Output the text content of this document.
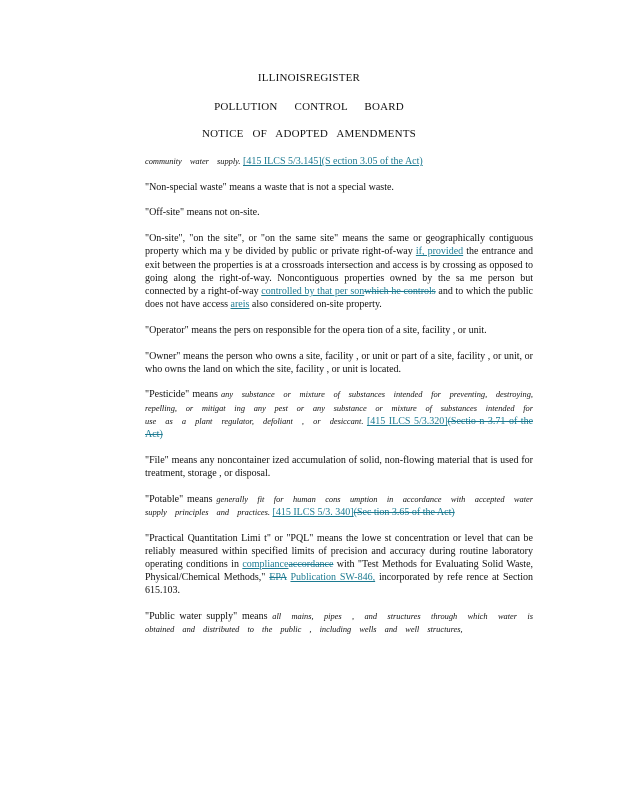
ILLINOISREGISTER
POLLUTION CONTROL BOARD
NOTICE OF ADOPTED AMENDMENTS

community water supply. [415 ILCS 5/3.145](S ection 3.05 of the Act)

"Non-special waste" means a waste that is not a special waste.

"Off-site" means not on-site.

"On-site", "on the site", or "on the same site" means the same or geographically contiguous property which ma y be divided by public or private right-of-way if, provided the entrance and exit between the properties is at a crossroads intersection and access is by crossing as opposed to going along the right-of-way. Noncontiguous properties owned by the sa me person but connected by a right-of-way controlled by that per sonwhich he controls and to which the public does not have access areis also considered on-site property.

"Operator" means the pers on responsible for the opera tion of a site, facility , or unit.

"Owner" means the person who owns a site, facility , or unit or part of a site, facility , or unit, or who owns the land on which the site, facility , or unit is located.

"Pesticide" means any substance or mixture of substances intended for preventing, destroying, repelling, or mitigat ing any pest or any substance or mixture of substances intended for use as a plant regulator, defoliant , or desiccant. [415 ILCS 5/3.320](Sectio n 3.71 of the Act)

"File" means any noncontainer ized accumulation of solid, non-flowing material that is used for treatment, storage , or disposal.

"Potable" means generally fit for human cons umption in accordance with accepted water supply principles and practices. [415 ILCS 5/3. 340](Sec tion 3.65 of the Act)

"Practical Quantitation Limi t" or "PQL" means the lowe st concentration or level that can be reliably measured within specified limits of precision and accuracy during routine laboratory operating conditions in complianceaccordance with "Test Methods for Evaluating Solid Waste, Physical/Chemical Methods," EPA Publication SW-846, incorporated by refe rence at Section 615.103.

"Public water supply" means all mains, pipes , and structures through which water is obtained and distributed to the public , including wells and well structures,
